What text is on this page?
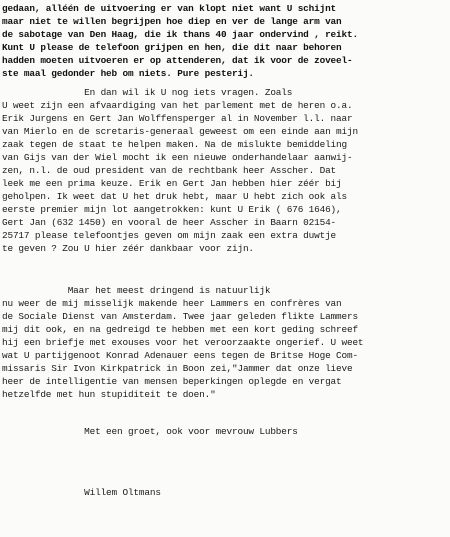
gedaan, alléén de uitvoering er van klopt niet want U schijnt
maar niet te willen begrijpen hoe diep en ver de lange arm van
de sabotage van Den Haag, die ik thans 40 jaar ondervind , reikt.
Kunt U please de telefoon grijpen en hen, die dit naar behoren
hadden moeten uitvoeren er op attenderen, dat ik voor de zoveel-
ste maal gedonder heb om niets. Pure pesterij.
En dan wil ik U nog iets vragen. Zoals
U weet zijn een afvaardiging van het parlement met de heren o.a.
Erik Jurgens en Gert Jan Wolffensperger al in November l.l. naar
van Mierlo en de scretaris-generaal geweest om een einde aan mijn
zaak tegen de staat te helpen maken. Na de mislukte bemiddeling
van Gijs van der Wiel mocht ik een nieuwe onderhandelaar aanwij-
zen, n.l. de oud president van de rechtbank heer Asscher. Dat
leek me een prima keuze. Erik en Gert Jan hebben hier zéér bij
geholpen. Ik weet dat U het druk hebt, maar U hebt zich ook als
eerste premier mijn lot aangetrokken: kunt U Erik ( 676 1646),
Gert Jan (632 1450) en vooral de heer Asscher in Baarn 02154-
25717 please telefoontjes geven om mijn zaak een extra duwtje
te geven ? Zou U hier zéér dankbaar voor zijn.
Maar het meest dringend is natuurlijk
nu weer de mij misselijk makende heer Lammers en confrères van
de Sociale Dienst van Amsterdam. Twee jaar geleden flikte Lammers
mij dit ook, en na gedreigd te hebben met een kort geding schreef
hij een briefje met exouses voor het veroorzaakte ongerief. U weet
wat U partijgenoot Konrad Adenauer eens tegen de Britse Hoge Com-
missaris Sir Ivon Kirkpatrick in Boon zei,"Jammer dat onze lieve
heer de intelligentie van mensen beperkingen oplegde en vergat
hetzelfde met hun stupiditeit te doen."
Met een groet, ook voor mevrouw Lubbers
Willem Oltmans
